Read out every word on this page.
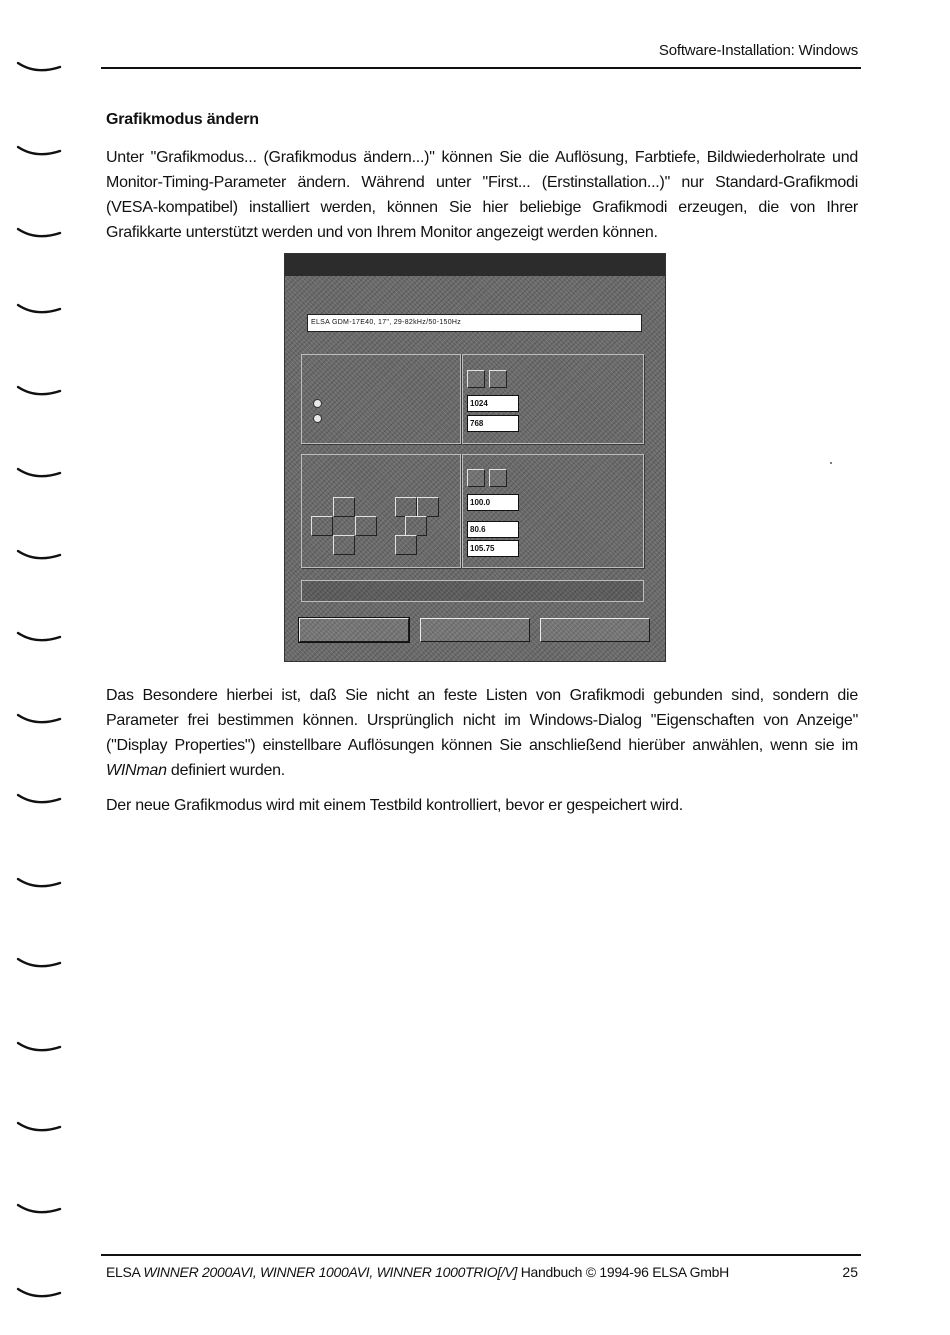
Software-Installation: Windows
Grafikmodus ändern
Unter "Grafikmodus... (Grafikmodus ändern...)" können Sie die Auflösung, Farbtiefe, Bildwiederholrate und Monitor-Timing-Parameter ändern. Während unter "First... (Erstinstallation...)" nur Standard-Grafikmodi (VESA-kompatibel) installiert werden, können Sie hier beliebige Grafikmodi erzeugen, die von Ihrer Grafikkarte unterstützt werden und von Ihrem Monitor angezeigt werden können.
ELSA GDM-17E40, 17", 29-82kHz/50-150Hz
1024
768
100.0
80.6
105.75
Das Besondere hierbei ist, daß Sie nicht an feste Listen von Grafikmodi gebunden sind, sondern die Parameter frei bestimmen können. Ursprünglich nicht im Windows-Dialog "Eigenschaften von Anzeige" ("Display Properties") einstellbare Auflösungen können Sie anschließend hierüber anwählen, wenn sie im WINman definiert wurden.
Der neue Grafikmodus wird mit einem Testbild kontrolliert, bevor er gespeichert wird.
ELSA WINNER 2000AVI, WINNER 1000AVI, WINNER 1000TRIO[/V] Handbuch © 1994-96 ELSA GmbH	25
